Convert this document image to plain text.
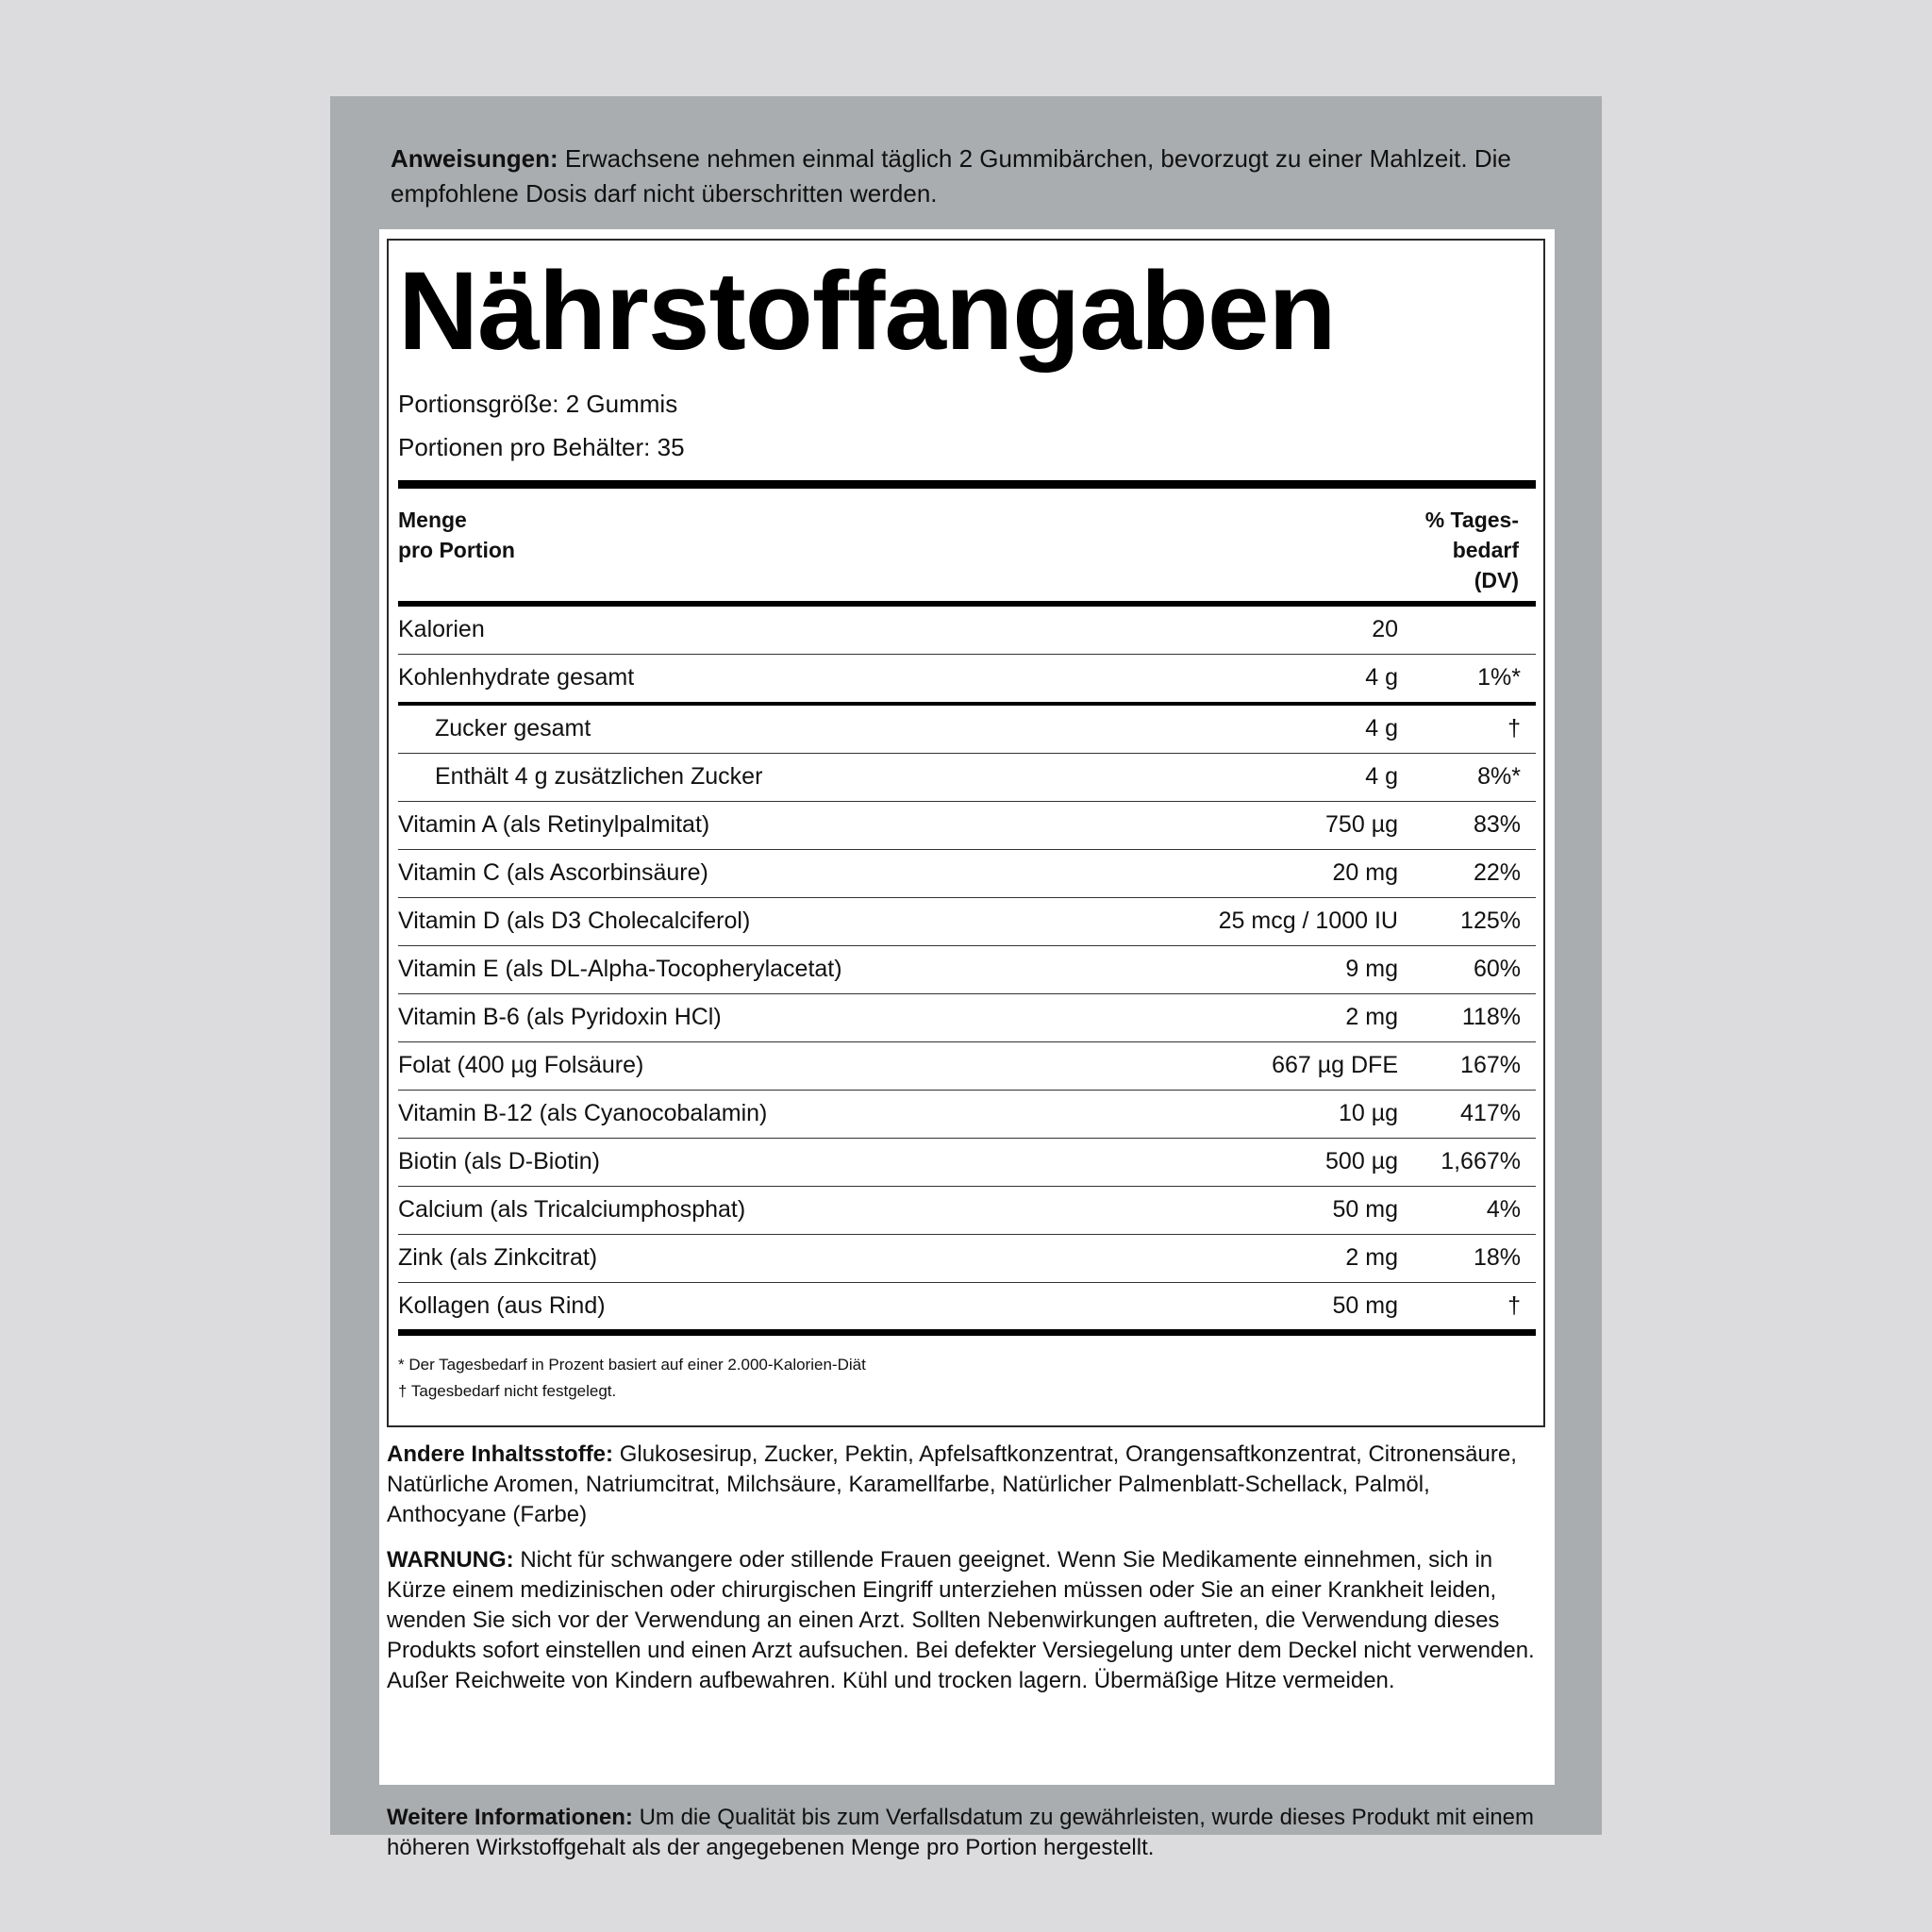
Anweisungen: Erwachsene nehmen einmal täglich 2 Gummibärchen, bevorzugt zu einer Mahlzeit. Die empfohlene Dosis darf nicht überschritten werden.
Nährstoffangaben
Portionsgröße: 2 Gummis
Portionen pro Behälter: 35
Menge
pro Portion
% Tages-
bedarf
(DV)
Kalorien	20
Kohlenhydrate gesamt	4 g	1%*
Zucker gesamt	4 g	†
Enthält 4 g zusätzlichen Zucker	4 g	8%*
Vitamin A (als Retinylpalmitat)	750 µg	83%
Vitamin C (als Ascorbinsäure)	20 mg	22%
Vitamin D (als D3 Cholecalciferol)	25 mcg / 1000 IU	125%
Vitamin E (als DL-Alpha-Tocopherylacetat)	9 mg	60%
Vitamin B-6 (als Pyridoxin HCl)	2 mg	118%
Folat (400 µg Folsäure)	667 µg DFE	167%
Vitamin B-12 (als Cyanocobalamin)	10 µg	417%
Biotin (als D-Biotin)	500 µg 1,667%
Calcium (als Tricalciumphosphat)	50 mg	4%
Zink (als Zinkcitrat)	2 mg	18%
Kollagen (aus Rind)	50 mg	†
* Der Tagesbedarf in Prozent basiert auf einer 2.000-Kalorien-Diät
† Tagesbedarf nicht festgelegt.
Andere Inhaltsstoffe: Glukosesirup, Zucker, Pektin, Apfelsaftkonzentrat, Orangensaftkonzentrat, Citronensäure, Natürliche Aromen, Natriumcitrat, Milchsäure, Karamellfarbe, Natürlicher Palmenblatt-Schellack, Palmöl, Anthocyane (Farbe)
WARNUNG: Nicht für schwangere oder stillende Frauen geeignet. Wenn Sie Medikamente einnehmen, sich in Kürze einem medizinischen oder chirurgischen Eingriff unterziehen müssen oder Sie an einer Krankheit leiden, wenden Sie sich vor der Verwendung an einen Arzt. Sollten Nebenwirkungen auftreten, die Verwendung dieses Produkts sofort einstellen und einen Arzt aufsuchen. Bei defekter Versiegelung unter dem Deckel nicht verwenden. Außer Reichweite von Kindern aufbewahren. Kühl und trocken lagern. Übermäßige Hitze vermeiden.
Weitere Informationen: Um die Qualität bis zum Verfallsdatum zu gewährleisten, wurde dieses Produkt mit einem höheren Wirkstoffgehalt als der angegebenen Menge pro Portion hergestellt.
